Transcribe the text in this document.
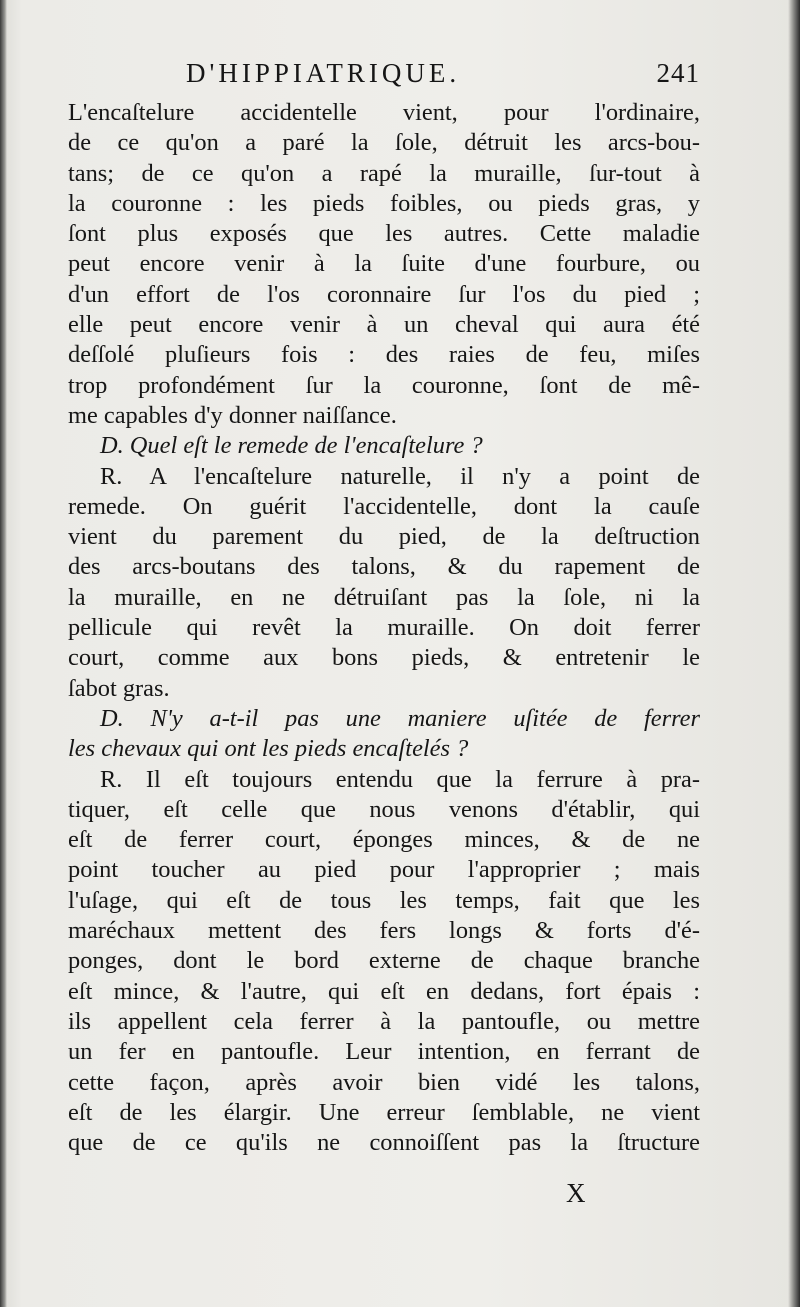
D'HIPPIATRIQUE.	241
L'encaſtelure accidentelle vient, pour l'ordinaire,
de ce qu'on a paré la ſole, détruit les arcs-bou-
tans; de ce qu'on a rapé la muraille, ſur-tout à
la couronne : les pieds foibles, ou pieds gras, y
ſont plus exposés que les autres. Cette maladie
peut encore venir à la ſuite d'une fourbure, ou
d'un effort de l'os coronnaire ſur l'os du pied ;
elle peut encore venir à un cheval qui aura été
deſſolé pluſieurs fois : des raies de feu, miſes
trop profondément ſur la couronne, ſont de mê-
me capables d'y donner naiſſance.
D. Quel eſt le remede de l'encaſtelure ?
R. A l'encaſtelure naturelle, il n'y a point de
remede. On guérit l'accidentelle, dont la cauſe
vient du parement du pied, de la deſtruction
des arcs-boutans des talons, & du rapement de
la muraille, en ne détruiſant pas la ſole, ni la
pellicule qui revêt la muraille. On doit ferrer
court, comme aux bons pieds, & entretenir le
ſabot gras.
D. N'y a-t-il pas une maniere uſitée de ferrer
les chevaux qui ont les pieds encaſtelés ?
R. Il eſt toujours entendu que la ferrure à pra-
tiquer, eſt celle que nous venons d'établir, qui
eſt de ferrer court, éponges minces, & de ne
point toucher au pied pour l'approprier ; mais
l'uſage, qui eſt de tous les temps, fait que les
maréchaux mettent des fers longs & forts d'é-
ponges, dont le bord externe de chaque branche
eſt mince, & l'autre, qui eſt en dedans, fort épais :
ils appellent cela ferrer à la pantoufle, ou mettre
un fer en pantoufle. Leur intention, en ferrant de
cette façon, après avoir bien vidé les talons,
eſt de les élargir. Une erreur ſemblable, ne vient
que de ce qu'ils ne connoiſſent pas la ſtructure
X
